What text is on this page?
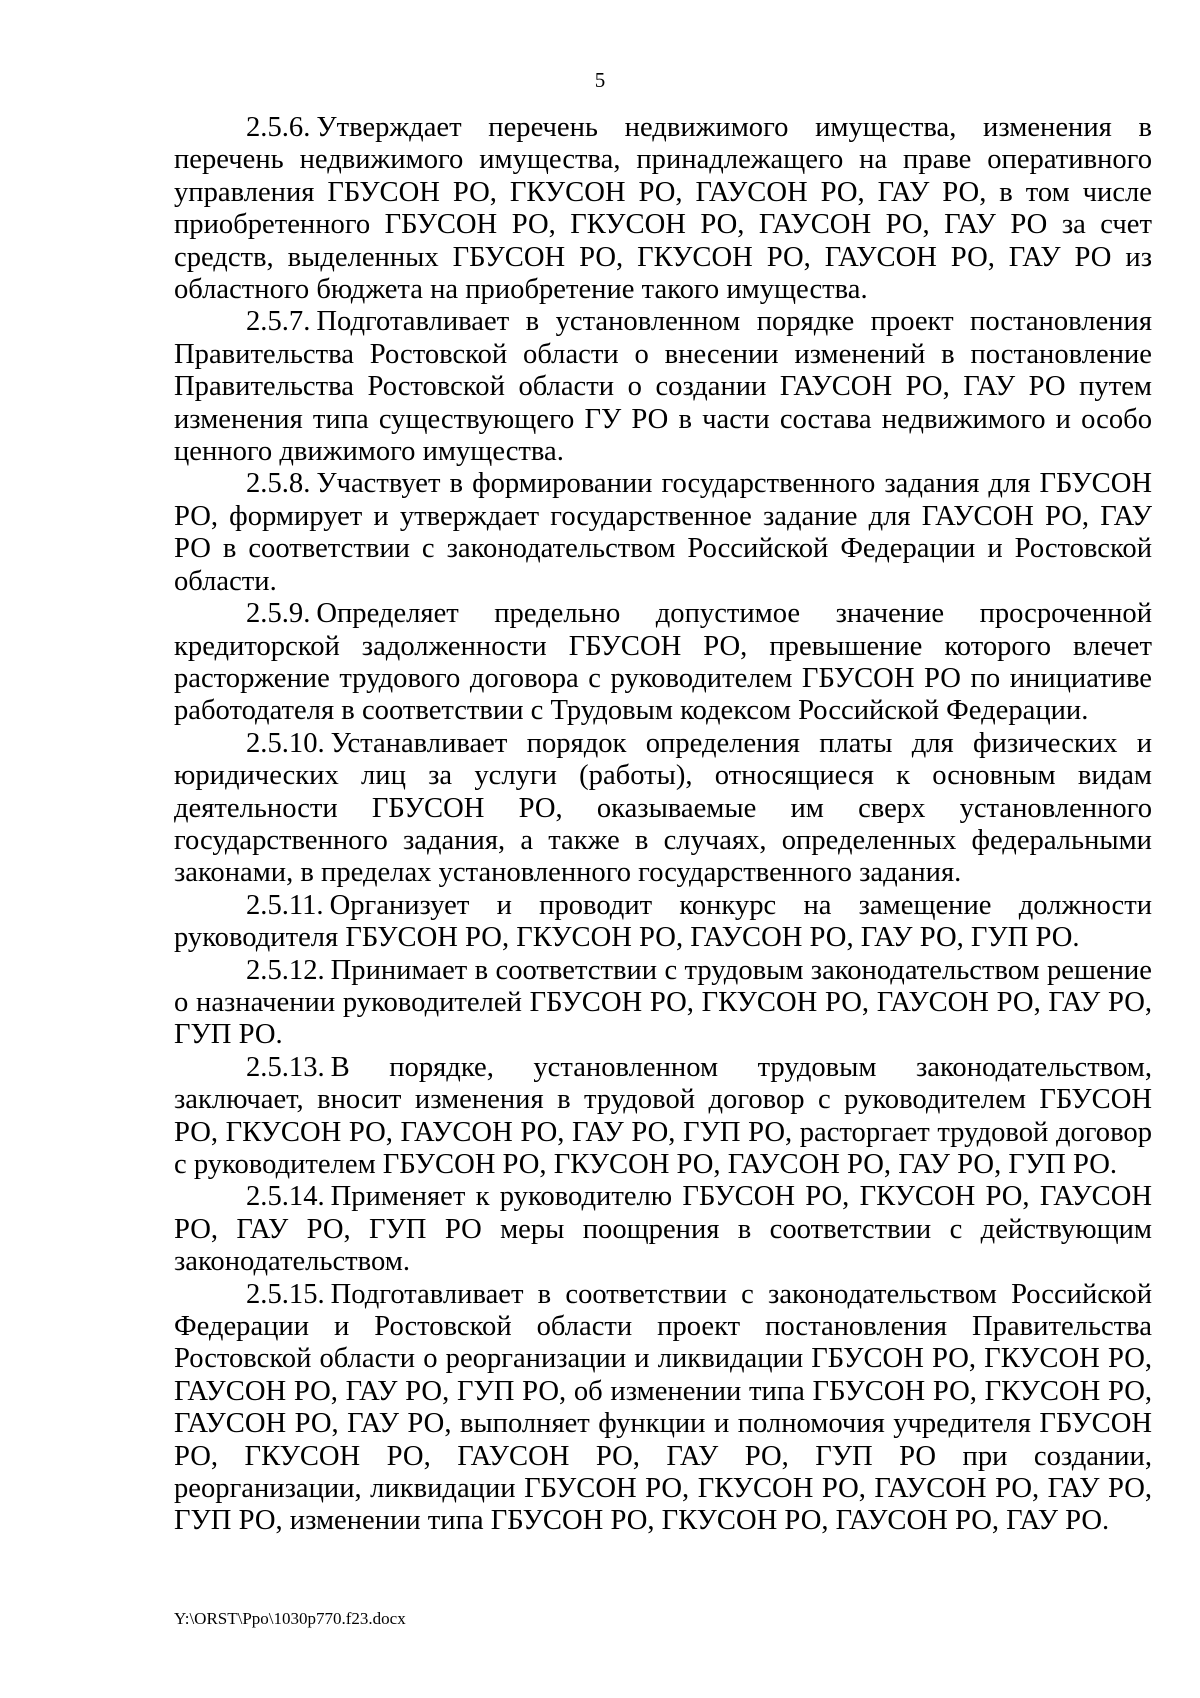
5

2.5.6. Утверждает перечень недвижимого имущества, изменения в перечень недвижимого имущества, принадлежащего на праве оперативного управления ГБУСОН РО, ГКУСОН РО, ГАУСОН РО, ГАУ РО, в том числе приобретенного ГБУСОН РО, ГКУСОН РО, ГАУСОН РО, ГАУ РО за счет средств, выделенных ГБУСОН РО, ГКУСОН РО, ГАУСОН РО, ГАУ РО из областного бюджета на приобретение такого имущества.

2.5.7. Подготавливает в установленном порядке проект постановления Правительства Ростовской области о внесении изменений в постановление Правительства Ростовской области о создании ГАУСОН РО, ГАУ РО путем изменения типа существующего ГУ РО в части состава недвижимого и особо ценного движимого имущества.

2.5.8. Участвует в формировании государственного задания для ГБУСОН РО, формирует и утверждает государственное задание для ГАУСОН РО, ГАУ РО в соответствии с законодательством Российской Федерации и Ростовской области.

2.5.9. Определяет предельно допустимое значение просроченной кредиторской задолженности ГБУСОН РО, превышение которого влечет расторжение трудового договора с руководителем ГБУСОН РО по инициативе работодателя в соответствии с Трудовым кодексом Российской Федерации.

2.5.10. Устанавливает порядок определения платы для физических и юридических лиц за услуги (работы), относящиеся к основным видам деятельности ГБУСОН РО, оказываемые им сверх установленного государственного задания, а также в случаях, определенных федеральными законами, в пределах установленного государственного задания.

2.5.11. Организует и проводит конкурс на замещение должности руководителя ГБУСОН РО, ГКУСОН РО, ГАУСОН РО, ГАУ РО, ГУП РО.

2.5.12. Принимает в соответствии с трудовым законодательством решение о назначении руководителей ГБУСОН РО, ГКУСОН РО, ГАУСОН РО, ГАУ РО, ГУП РО.

2.5.13. В порядке, установленном трудовым законодательством, заключает, вносит изменения в трудовой договор с руководителем ГБУСОН РО, ГКУСОН РО, ГАУСОН РО, ГАУ РО, ГУП РО, расторгает трудовой договор с руководителем ГБУСОН РО, ГКУСОН РО, ГАУСОН РО, ГАУ РО, ГУП РО.

2.5.14. Применяет к руководителю ГБУСОН РО, ГКУСОН РО, ГАУСОН РО, ГАУ РО, ГУП РО меры поощрения в соответствии с действующим законодательством.

2.5.15. Подготавливает в соответствии с законодательством Российской Федерации и Ростовской области проект постановления Правительства Ростовской области о реорганизации и ликвидации ГБУСОН РО, ГКУСОН РО, ГАУСОН РО, ГАУ РО, ГУП РО, об изменении типа ГБУСОН РО, ГКУСОН РО, ГАУСОН РО, ГАУ РО, выполняет функции и полномочия учредителя ГБУСОН РО, ГКУСОН РО, ГАУСОН РО, ГАУ РО, ГУП РО при создании, реорганизации, ликвидации ГБУСОН РО, ГКУСОН РО, ГАУСОН РО, ГАУ РО, ГУП РО, изменении типа ГБУСОН РО, ГКУСОН РО, ГАУСОН РО, ГАУ РО.

Y:\ORST\Ppo\1030p770.f23.docx
